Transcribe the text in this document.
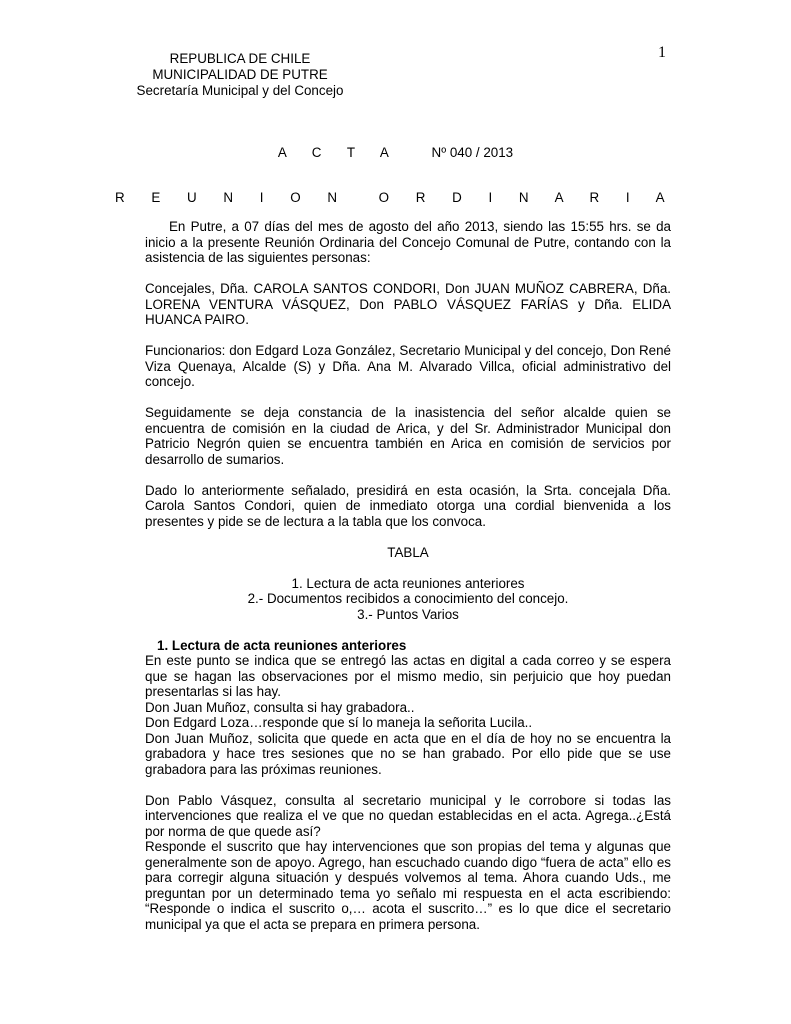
1
REPUBLICA DE CHILE
MUNICIPALIDAD DE PUTRE
Secretaría Municipal y del Concejo
A C T A Nº 040 / 2013
R E U N I O N O R D I N A R I A

En Putre, a 07 días del mes de agosto del año 2013, siendo las 15:55 hrs. se da inicio a la presente Reunión Ordinaria del Concejo Comunal de Putre, contando con la asistencia de las siguientes personas:

Concejales, Dña. CAROLA SANTOS CONDORI, Don JUAN MUÑOZ CABRERA, Dña. LORENA VENTURA VÁSQUEZ, Don PABLO VÁSQUEZ FARÍAS y Dña. ELIDA HUANCA PAIRO.

Funcionarios: don Edgard Loza González, Secretario Municipal y del concejo, Don René Viza Quenaya, Alcalde (S) y Dña. Ana M. Alvarado Villca, oficial administrativo del concejo.

Seguidamente se deja constancia de la inasistencia del señor alcalde quien se encuentra de comisión en la ciudad de Arica, y del Sr. Administrador Municipal don Patricio Negrón quien se encuentra también en Arica en comisión de servicios por desarrollo de sumarios.

Dado lo anteriormente señalado, presidirá en esta ocasión, la Srta. concejala Dña. Carola Santos Condori, quien de inmediato otorga una cordial bienvenida a los presentes y pide se de lectura a la tabla que los convoca.

TABLA

1. Lectura de acta reuniones anteriores
2.- Documentos recibidos a conocimiento del concejo.
3.- Puntos Varios

1. Lectura de acta reuniones anteriores

En este punto se indica que se entregó las actas en digital a cada correo y se espera que se hagan las observaciones por el mismo medio, sin perjuicio que hoy puedan presentarlas si las hay.

Don Juan Muñoz, consulta si hay grabadora..

Don Edgard Loza…responde que sí lo maneja la señorita Lucila..

Don Juan Muñoz, solicita que quede en acta que en el día de hoy no se encuentra la grabadora y hace tres sesiones que no se han grabado. Por ello pide que se use grabadora para las próximas reuniones.

Don Pablo Vásquez, consulta al secretario municipal y le corrobore si todas las intervenciones que realiza el ve que no quedan establecidas en el acta. Agrega..¿Está por norma de que quede así?

Responde el suscrito que hay intervenciones que son propias del tema y algunas que generalmente son de apoyo. Agrego, han escuchado cuando digo “fuera de acta” ello es para corregir alguna situación y después volvemos al tema. Ahora cuando Uds., me preguntan por un determinado tema yo señalo mi respuesta en el acta escribiendo: “Responde o indica el suscrito o,… acota el suscrito…” es lo que dice el secretario municipal ya que el acta se prepara en primera persona.
